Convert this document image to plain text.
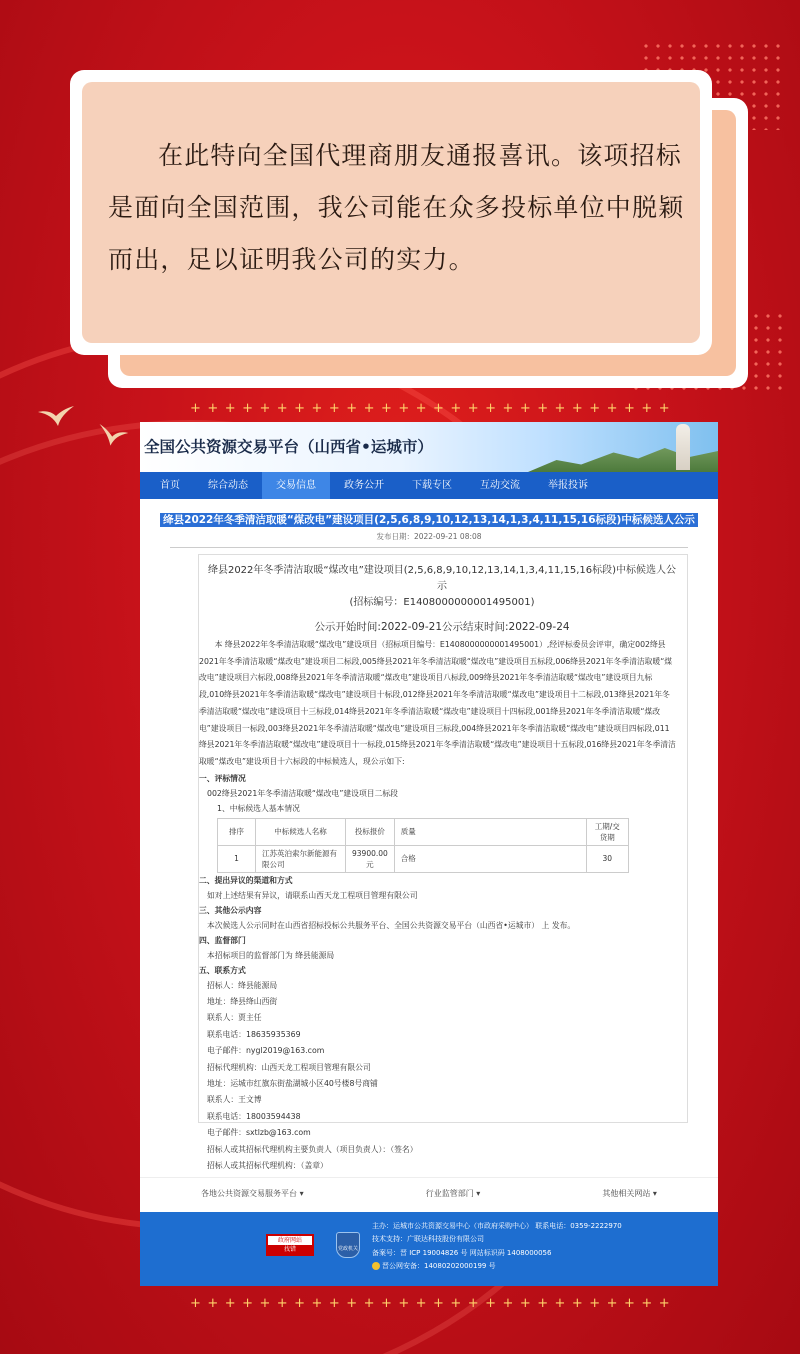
+ + + + + + + + + + + + + + + + + + + + + + + + + + + +
+ + + + + + + + + + + + + + + + + + + + + + + + + + + +

在此特向全国代理商朋友通报喜讯。该项招标是面向全国范围，我公司能在众多投标单位中脱颖而出，足以证明我公司的实力。

全国公共资源交易平台（山西省•运城市）
首页	综合动态	交易信息	政务公开	下载专区	互动交流	举报投诉
绛县2022年冬季清洁取暖“煤改电”建设项目(2,5,6,8,9,10,12,13,14,1,3,4,11,15,16标段)中标候选人公示
发布日期：2022-09-21 08:08
绛县2022年冬季清洁取暖“煤改电”建设项目(2,5,6,8,9,10,12,13,14,1,3,4,11,15,16标段)中标候选人公示
(招标编号：E1408000000001495001)
公示开始时间:2022-09-21公示结束时间:2022-09-24
本 绛县2022年冬季清洁取暖“煤改电”建设项目（招标项目编号：E1408000000001495001）,经评标委员会评审，确定002绛县2021年冬季清洁取暖“煤改电”建设项目二标段,005绛县2021年冬季清洁取暖“煤改电”建设项目五标段,006绛县2021年冬季清洁取暖“煤改电”建设项目六标段,008绛县2021年冬季清洁取暖“煤改电”建设项目八标段,009绛县2021年冬季清洁取暖“煤改电”建设项目九标段,010绛县2021年冬季清洁取暖“煤改电”建设项目十标段,012绛县2021年冬季清洁取暖“煤改电”建设项目十二标段,013绛县2021年冬季清洁取暖“煤改电”建设项目十三标段,014绛县2021年冬季清洁取暖“煤改电”建设项目十四标段,001绛县2021年冬季清洁取暖“煤改电”建设项目一标段,003绛县2021年冬季清洁取暖“煤改电”建设项目三标段,004绛县2021年冬季清洁取暖“煤改电”建设项目四标段,011绛县2021年冬季清洁取暖“煤改电”建设项目十一标段,015绛县2021年冬季清洁取暖“煤改电”建设项目十五标段,016绛县2021年冬季清洁取暖“煤改电”建设项目十六标段的中标候选人，现公示如下:
一、评标情况
002绛县2021年冬季清洁取暖“煤改电”建设项目二标段
1、中标候选人基本情况
排序	中标候选人名称	投标报价	质量	工期/交货期
1	江苏英泊索尔新能源有限公司	93900.00元	合格	30
二、提出异议的渠道和方式
如对上述结果有异议，请联系山西天龙工程项目管理有限公司
三、其他公示内容
本次候选人公示同时在山西省招标投标公共服务平台、全国公共资源交易平台（山西省•运城市） 上 发布。
四、监督部门
本招标项目的监督部门为 绛县能源局
五、联系方式
招标人：绛县能源局
地址：绛县绛山西街
联系人：贾主任
联系电话：18635935369
电子邮件：nygl2019@163.com
招标代理机构：山西天龙工程项目管理有限公司
地址：运城市红旗东街盐湖城小区40号楼8号商铺
联系人：王文博
联系电话：18003594438
电子邮件：sxtlzb@163.com
招标人或其招标代理机构主要负责人（项目负责人）：（签名）
招标人或其招标代理机构：（盖章）
各地公共资源交易服务平台 ▾	行业监管部门 ▾	其他相关网站 ▾
政府网站
找错	党政机关
主办：运城市公共资源交易中心（市政府采购中心） 联系电话：0359-2222970
技术支持：广联达科技股份有限公司
备案号：晋 ICP 19004826 号 网站标识码 1408000056
晋公网安备：14080202000199 号
